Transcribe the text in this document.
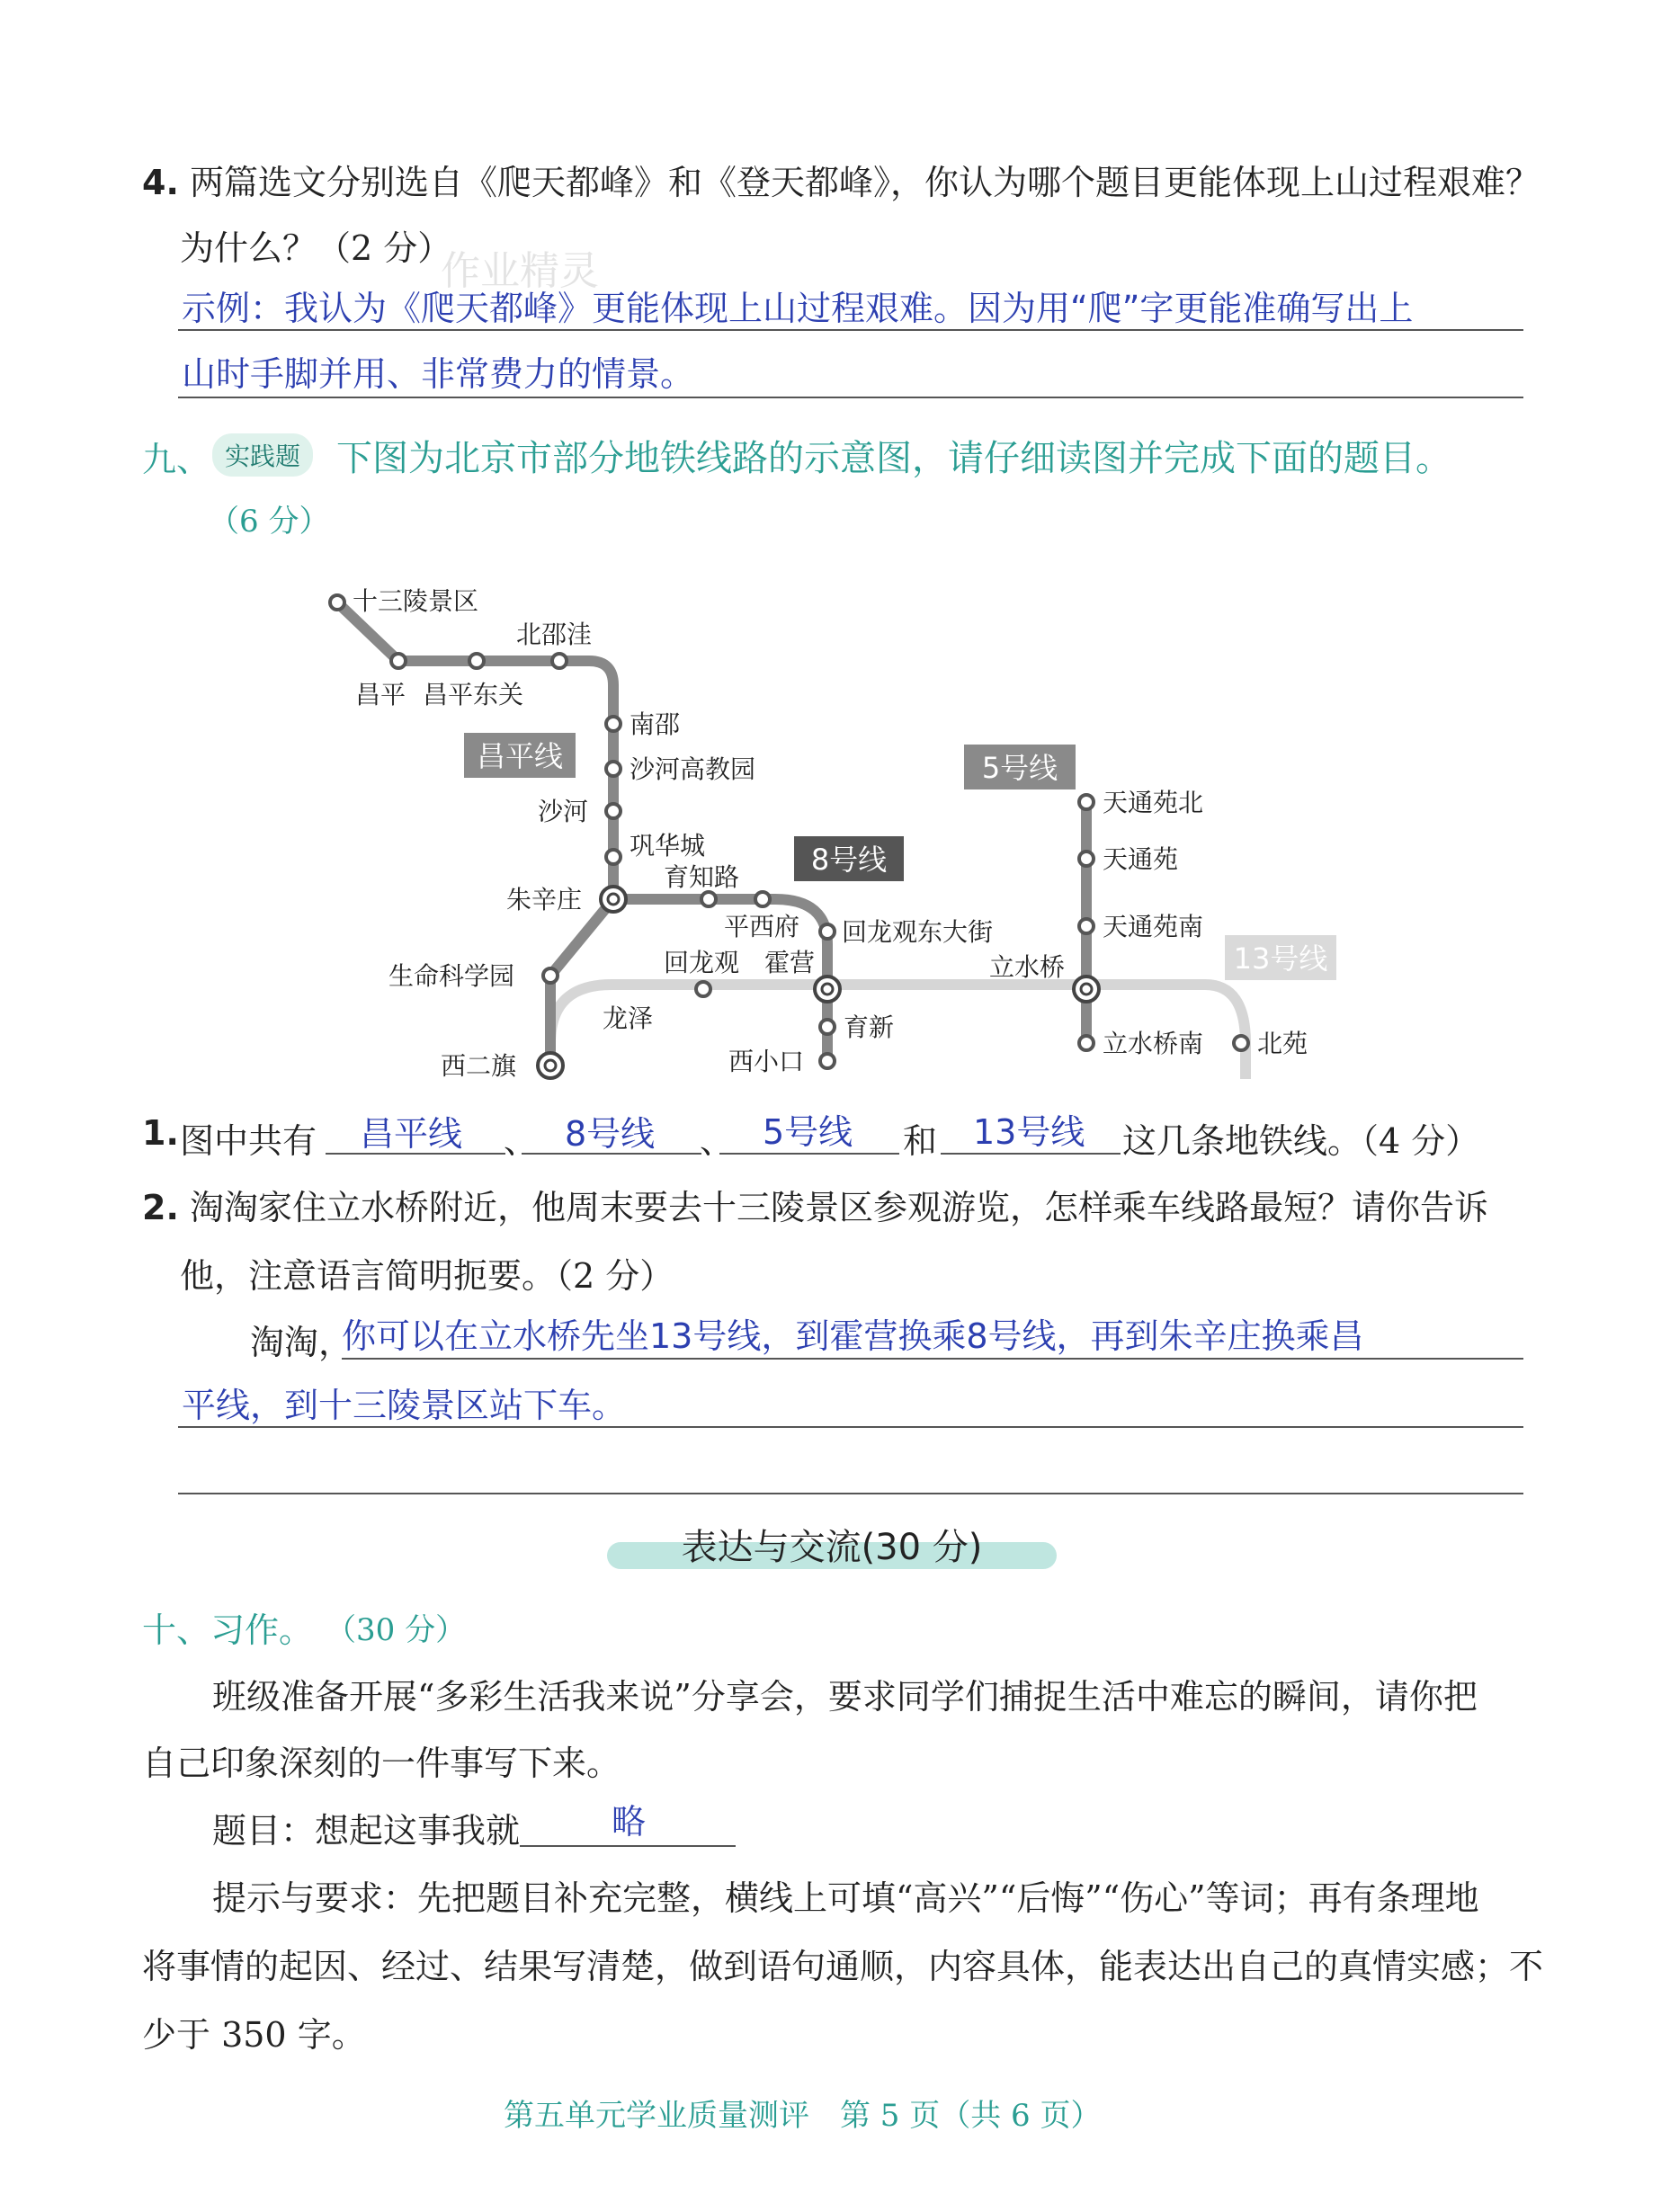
4. 两篇选文分别选自《爬天都峰》和《登天都峰》，你认为哪个题目更能体现上山过程艰难？
为什么？（2 分）
作业精灵
示例：我认为《爬天都峰》更能体现上山过程艰难。因为用“爬”字更能准确写出上
山时手脚并用、非常费力的情景。
九、 实践题 下图为北京市部分地铁线路的示意图，请仔细读图并完成下面的题目。
（6 分）
昌平线
8号线
5号线
13号线
十三陵景区
北邵洼
昌平 昌平东关
南邵
沙河高教园
沙河
巩华城
朱辛庄
育知路
平西府 回龙观东大街
回龙观 霍营
生命科学园
龙泽
西二旗	西小口
育新
天通苑北
天通苑
天通苑南
立水桥
立水桥南 北苑
1. 图中共有 昌平线 、 8号线 、 5号线 和 13号线 这几条地铁线。（4 分）
2. 淘淘家住立水桥附近，他周末要去十三陵景区参观游览，怎样乘车线路最短？请你告诉
他，注意语言简明扼要。（2 分）
淘淘，
你可以在立水桥先坐13号线，到霍营换乘8号线，再到朱辛庄换乘昌
平线，到十三陵景区站下车。
表达与交流(30 分)
十、习作。 （30 分）
班级准备开展“多彩生活我来说”分享会，要求同学们捕捉生活中难忘的瞬间，请你把
自己印象深刻的一件事写下来。
题目：想起这事我就	略
提示与要求：先把题目补充完整，横线上可填“高兴”“后悔”“伤心”等词；再有条理地
将事情的起因、经过、结果写清楚，做到语句通顺，内容具体，能表达出自己的真情实感；不
少于 350 字。
第五单元学业质量测评　第 5 页（共 6 页）
